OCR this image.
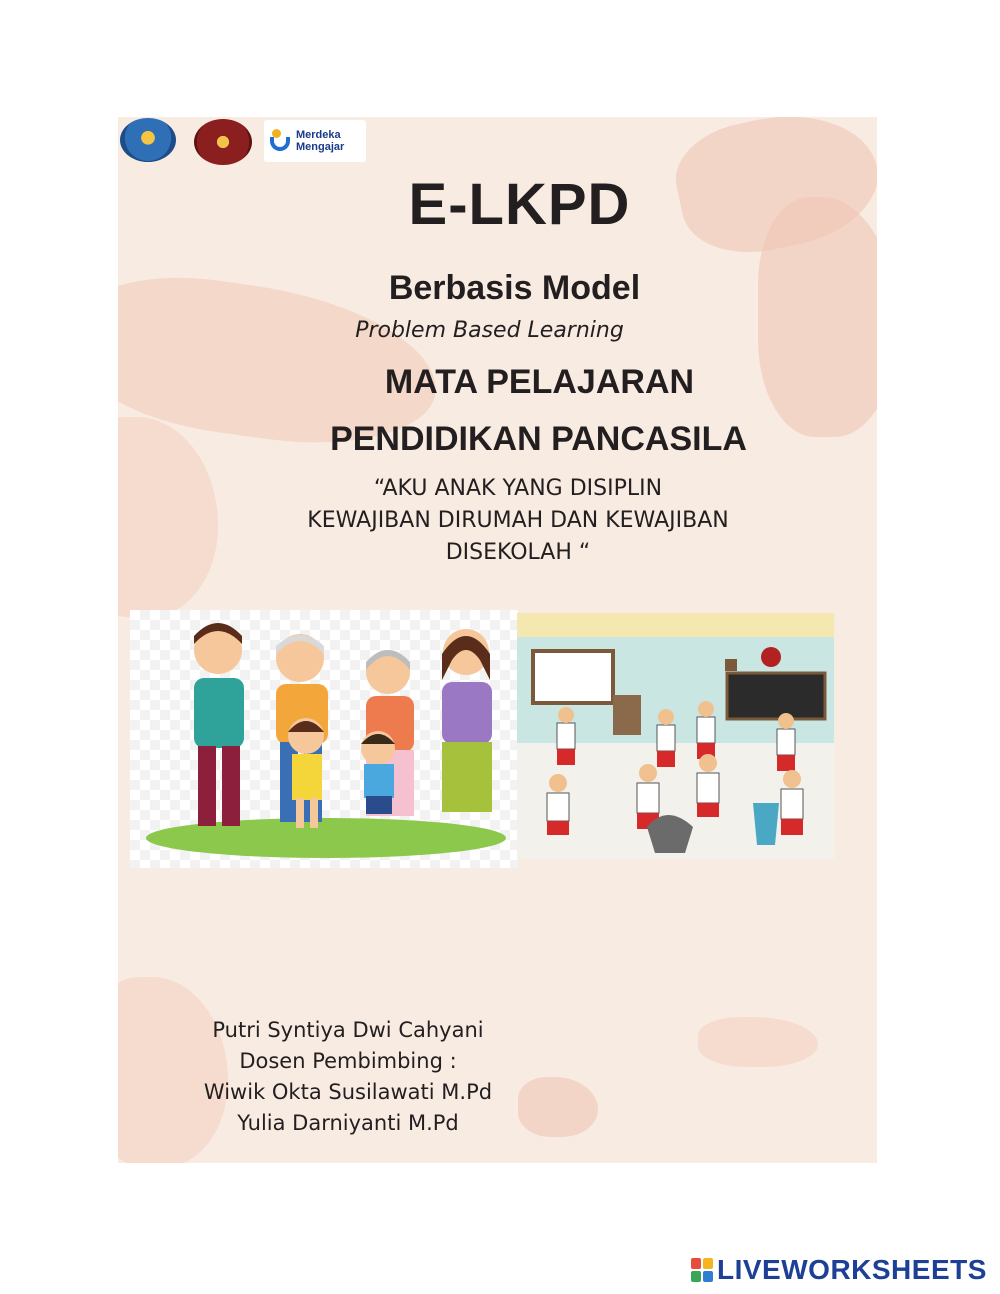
Merdeka
Mengajar
E-LKPD
Berbasis Model
Problem Based Learning
MATA PELAJARAN
PENDIDIKAN PANCASILA
“AKU ANAK YANG DISIPLIN
KEWAJIBAN DIRUMAH DAN KEWAJIBAN
DISEKOLAH “
Putri Syntiya Dwi Cahyani
Dosen Pembimbing :
Wiwik Okta Susilawati M.Pd
Yulia Darniyanti M.Pd
LIVEWORKSHEETS
